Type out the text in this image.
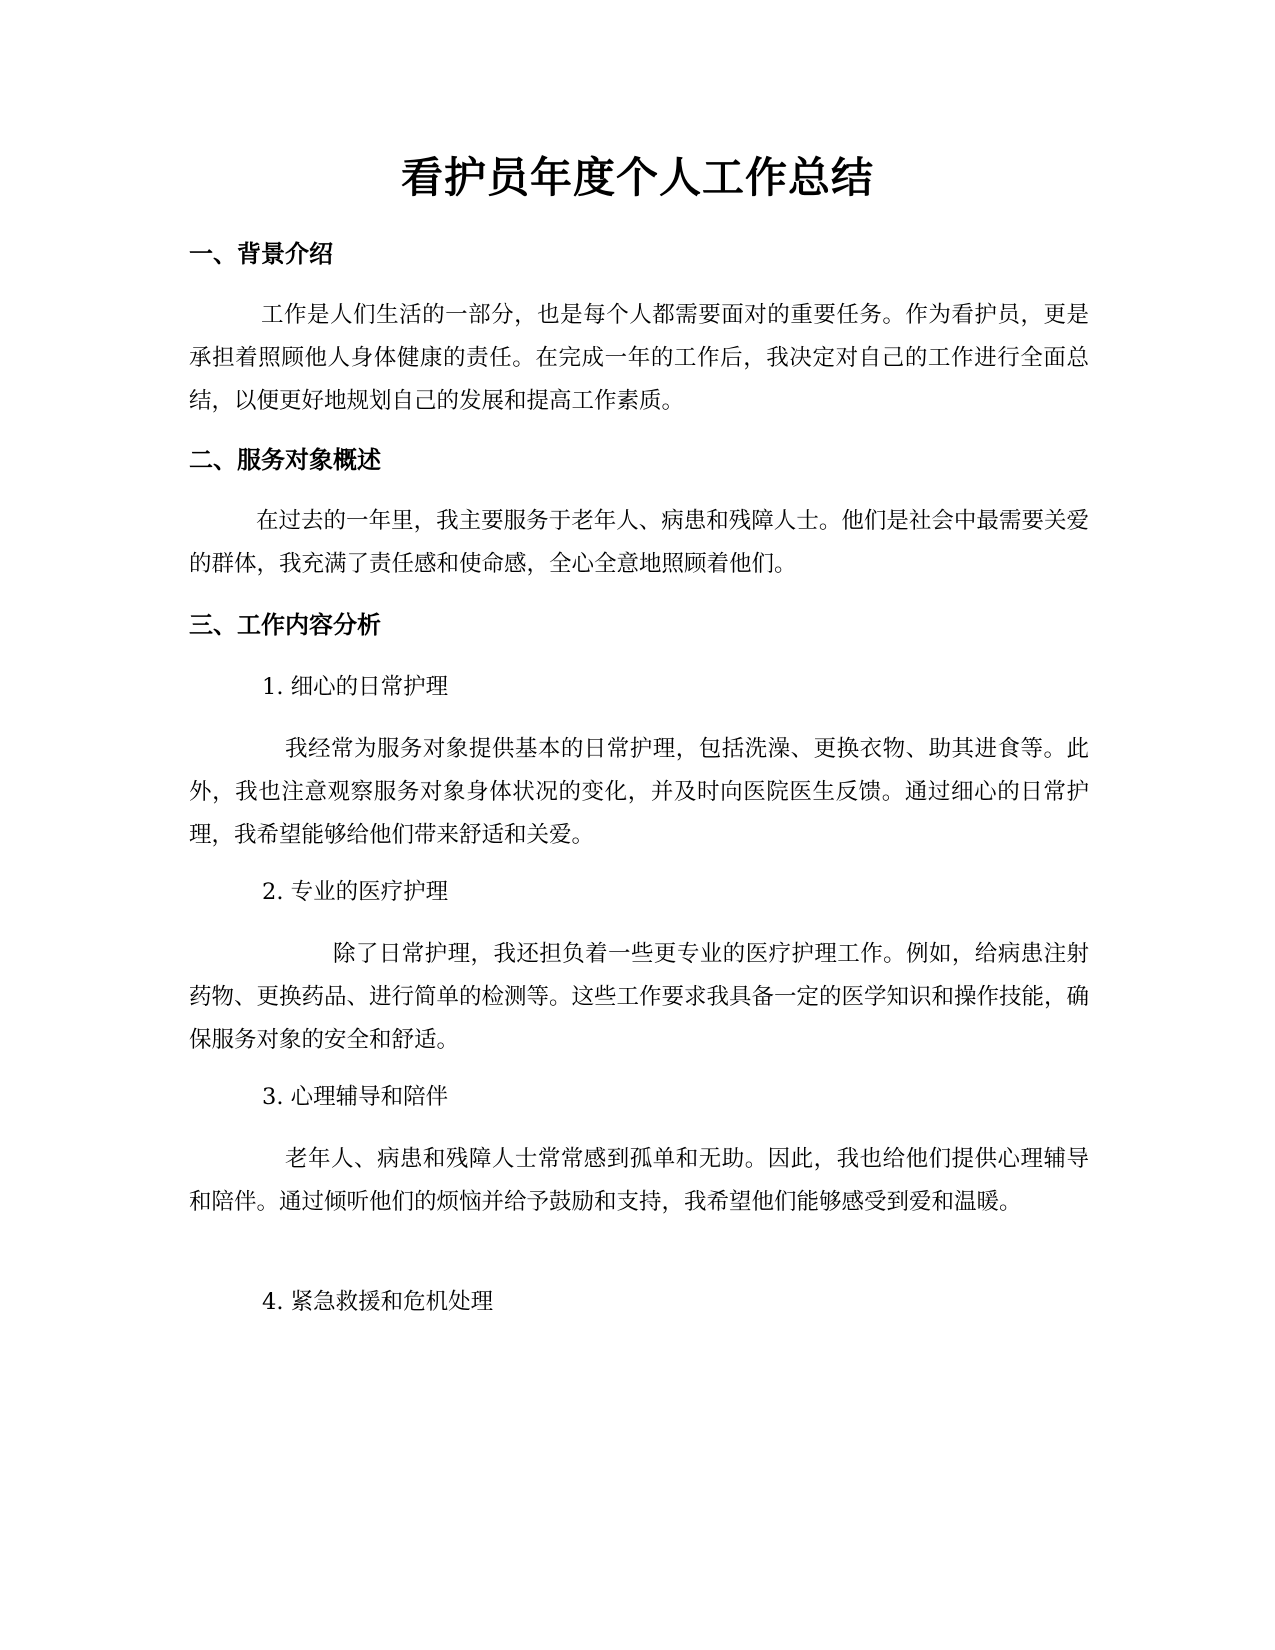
看护员年度个人工作总结
一、背景介绍

工作是人们生活的一部分，也是每个人都需要面对的重要任务。作为看护员，更是承担着照顾他人身体健康的责任。在完成一年的工作后，我决定对自己的工作进行全面总结，以便更好地规划自己的发展和提高工作素质。

二、服务对象概述

在过去的一年里，我主要服务于老年人、病患和残障人士。他们是社会中最需要关爱的群体，我充满了责任感和使命感，全心全意地照顾着他们。

三、工作内容分析

1. 细心的日常护理

我经常为服务对象提供基本的日常护理，包括洗澡、更换衣物、助其进食等。此外，我也注意观察服务对象身体状况的变化，并及时向医院医生反馈。通过细心的日常护理，我希望能够给他们带来舒适和关爱。

2. 专业的医疗护理

除了日常护理，我还担负着一些更专业的医疗护理工作。例如，给病患注射药物、更换药品、进行简单的检测等。这些工作要求我具备一定的医学知识和操作技能，确保服务对象的安全和舒适。

3. 心理辅导和陪伴

老年人、病患和残障人士常常感到孤单和无助。因此，我也给他们提供心理辅导和陪伴。通过倾听他们的烦恼并给予鼓励和支持，我希望他们能够感受到爱和温暖。

4. 紧急救援和危机处理
